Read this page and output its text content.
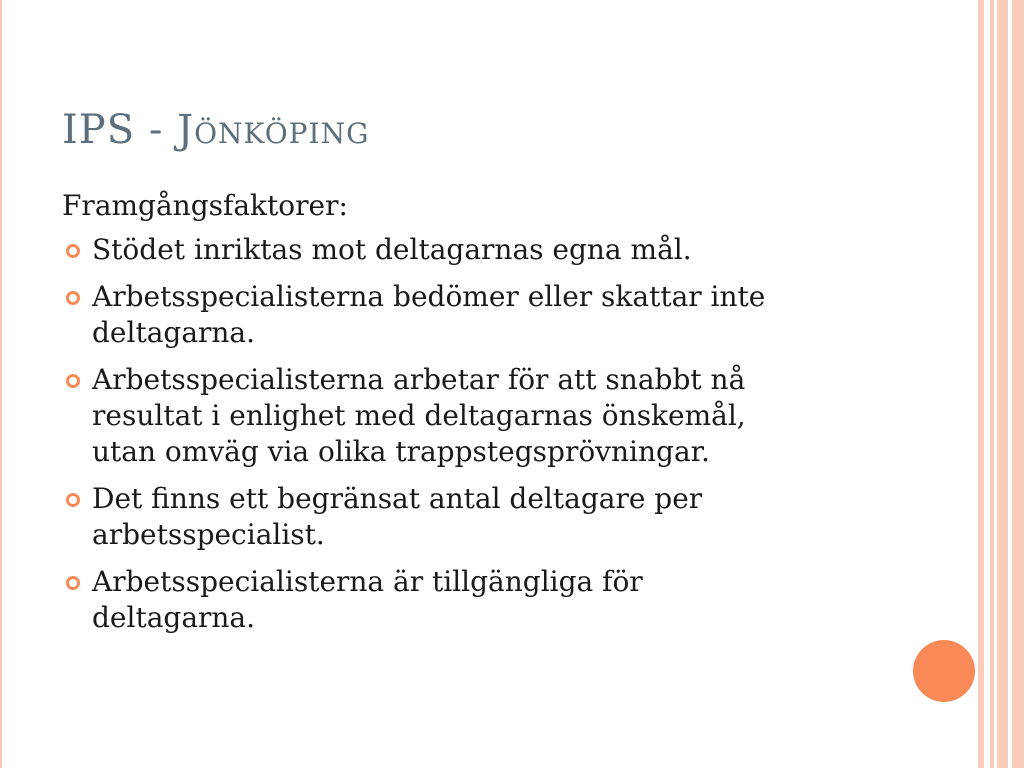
IPS - Jönköping

Framgångsfaktorer:

Stödet inriktas mot deltagarnas egna mål.
Arbetsspecialisterna bedömer eller skattar inte
deltagarna.
Arbetsspecialisterna arbetar för att snabbt nå
resultat i enlighet med deltagarnas önskemål,
utan omväg via olika trappstegsprövningar.
Det finns ett begränsat antal deltagare per
arbetsspecialist.
Arbetsspecialisterna är tillgängliga för
deltagarna.
